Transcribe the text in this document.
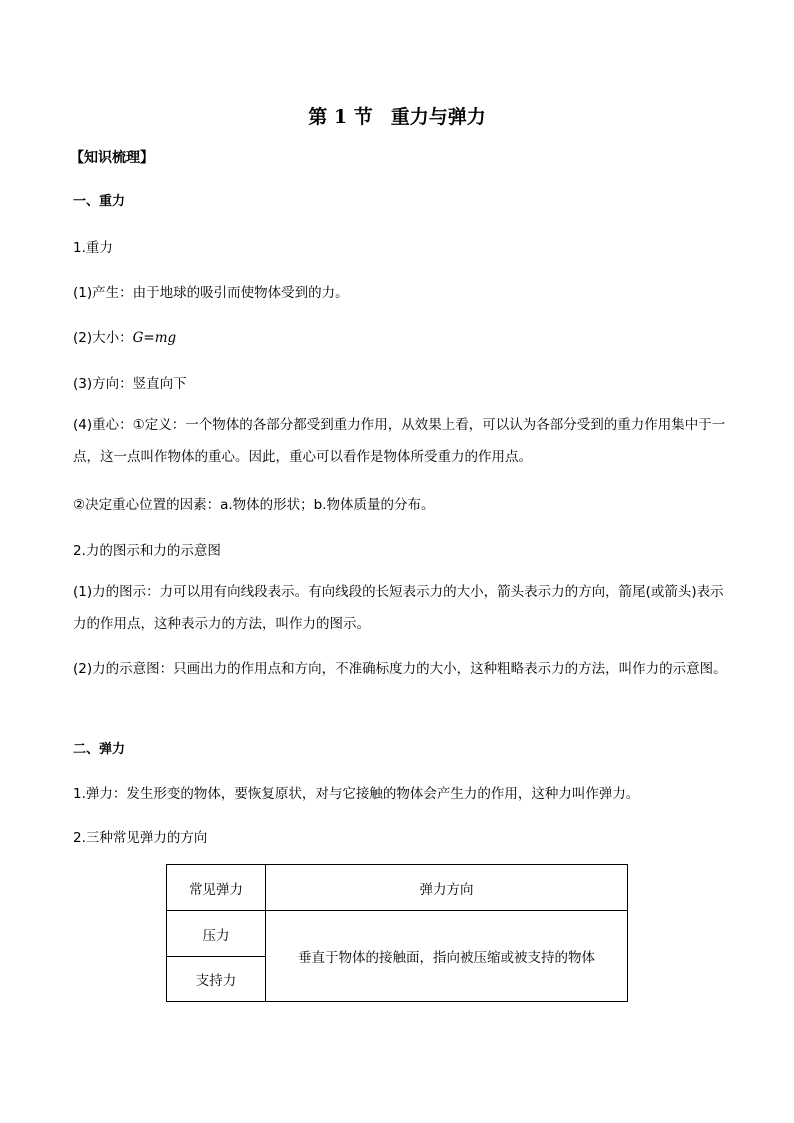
第 1 节 重力与弹力
【知识梳理】
一、重力
1.重力
(1)产生：由于地球的吸引而使物体受到的力。
(2)大小：G=mg
(3)方向：竖直向下
(4)重心：①定义：一个物体的各部分都受到重力作用，从效果上看，可以认为各部分受到的重力作用集中于一点，这一点叫作物体的重心。因此，重心可以看作是物体所受重力的作用点。
②决定重心位置的因素：a.物体的形状；b.物体质量的分布。
2.力的图示和力的示意图
(1)力的图示：力可以用有向线段表示。有向线段的长短表示力的大小，箭头表示力的方向，箭尾(或箭头)表示力的作用点，这种表示力的方法，叫作力的图示。
(2)力的示意图：只画出力的作用点和方向，不准确标度力的大小，这种粗略表示力的方法，叫作力的示意图。
二、弹力
1.弹力：发生形变的物体，要恢复原状，对与它接触的物体会产生力的作用，这种力叫作弹力。
2.三种常见弹力的方向
常见弹力	弹力方向
压力	垂直于物体的接触面，指向被压缩或被支持的物体
支持力	
